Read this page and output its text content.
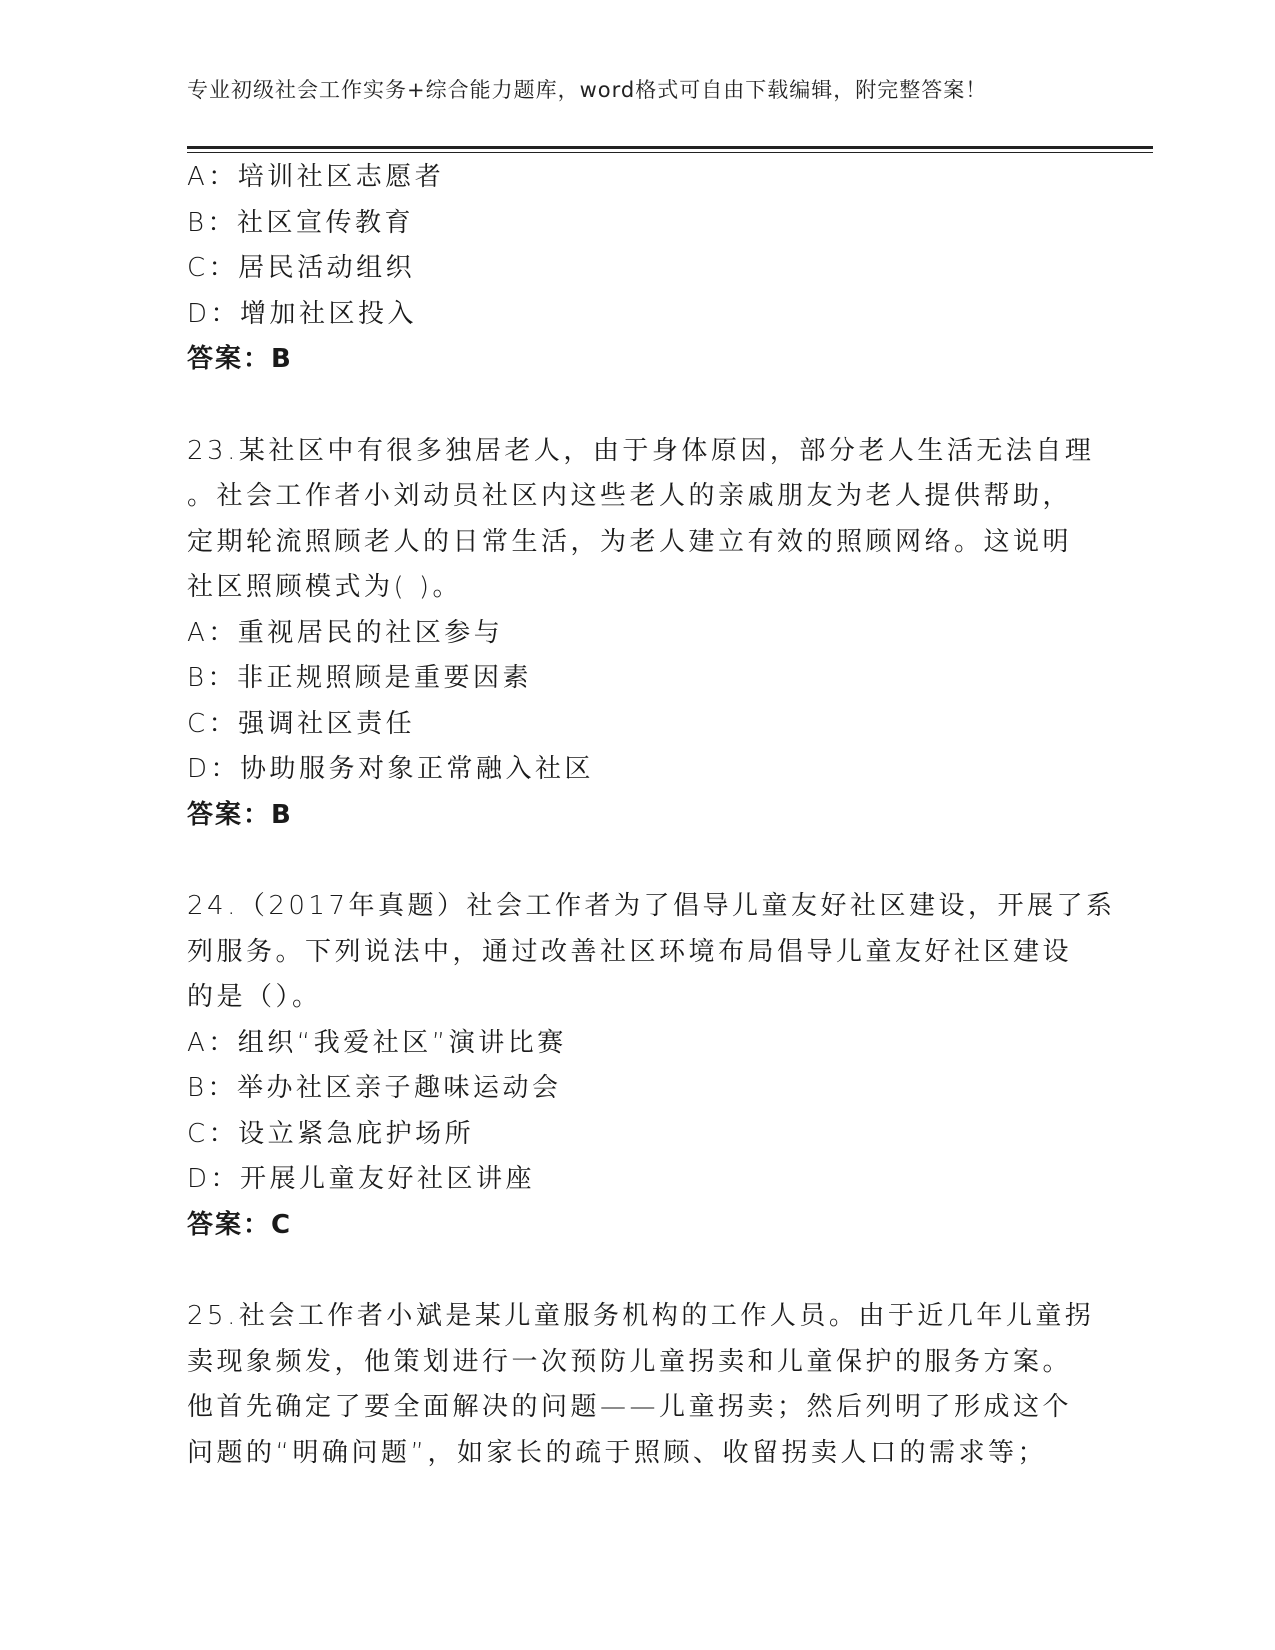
专业初级社会工作实务+综合能力题库，word格式可自由下载编辑，附完整答案！
A：培训社区志愿者
B：社区宣传教育
C：居民活动组织
D：增加社区投入
答案：B
23.某社区中有很多独居老人，由于身体原因，部分老人生活无法自理
。社会工作者小刘动员社区内这些老人的亲戚朋友为老人提供帮助，
定期轮流照顾老人的日常生活，为老人建立有效的照顾网络。这说明
社区照顾模式为( )。
A：重视居民的社区参与
B：非正规照顾是重要因素
C：强调社区责任
D：协助服务对象正常融入社区
答案：B
24.（2017年真题）社会工作者为了倡导儿童友好社区建设，开展了系
列服务。下列说法中，通过改善社区环境布局倡导儿童友好社区建设
的是（）。
A：组织“我爱社区”演讲比赛
B：举办社区亲子趣味运动会
C：设立紧急庇护场所
D：开展儿童友好社区讲座
答案：C
25.社会工作者小斌是某儿童服务机构的工作人员。由于近几年儿童拐
卖现象频发，他策划进行一次预防儿童拐卖和儿童保护的服务方案。
他首先确定了要全面解决的问题——儿童拐卖；然后列明了形成这个
问题的“明确问题”，如家长的疏于照顾、收留拐卖人口的需求等；
